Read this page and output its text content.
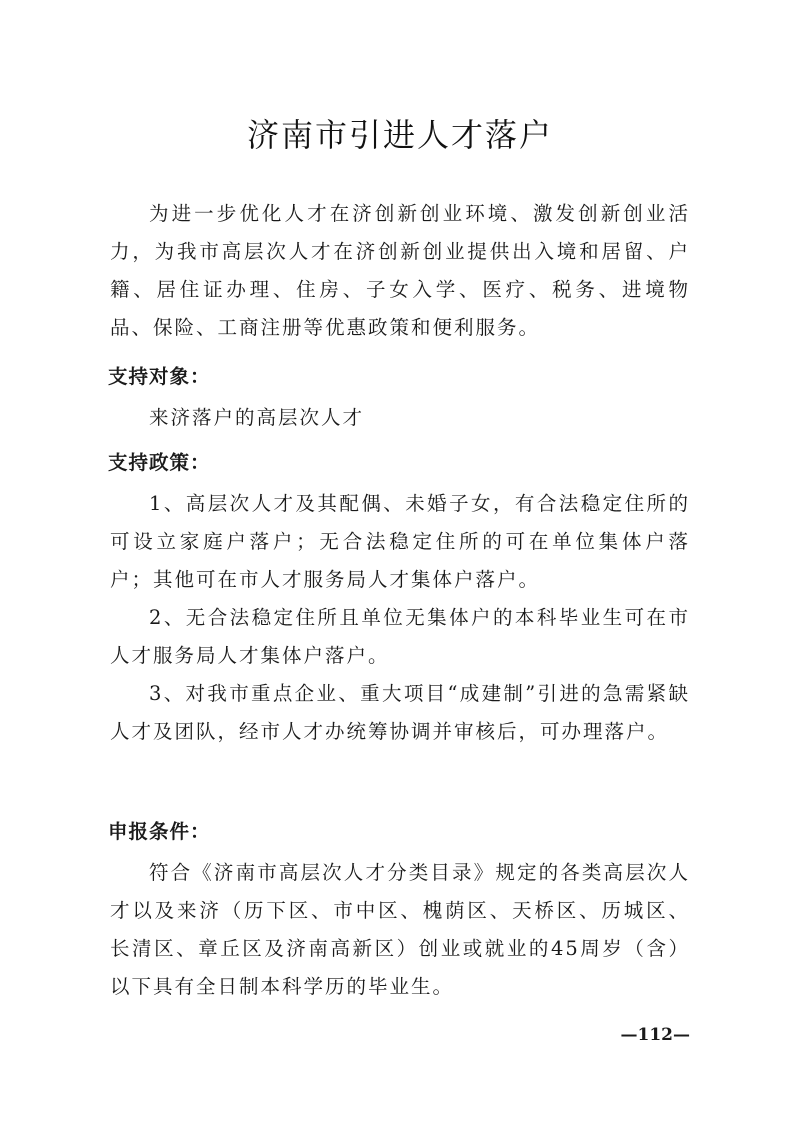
济南市引进人才落户
为进一步优化人才在济创新创业环境、激发创新创业活力，为我市高层次人才在济创新创业提供出入境和居留、户籍、居住证办理、住房、子女入学、医疗、税务、进境物品、保险、工商注册等优惠政策和便利服务。
支持对象：
来济落户的高层次人才
支持政策：
1、高层次人才及其配偶、未婚子女，有合法稳定住所的可设立家庭户落户；无合法稳定住所的可在单位集体户落户；其他可在市人才服务局人才集体户落户。
2、无合法稳定住所且单位无集体户的本科毕业生可在市人才服务局人才集体户落户。
3、对我市重点企业、重大项目“成建制”引进的急需紧缺人才及团队，经市人才办统筹协调并审核后，可办理落户。
申报条件：
符合《济南市高层次人才分类目录》规定的各类高层次人才以及来济（历下区、市中区、槐荫区、天桥区、历城区、长清区、章丘区及济南高新区）创业或就业的45周岁（含）以下具有全日制本科学历的毕业生。
—112—
